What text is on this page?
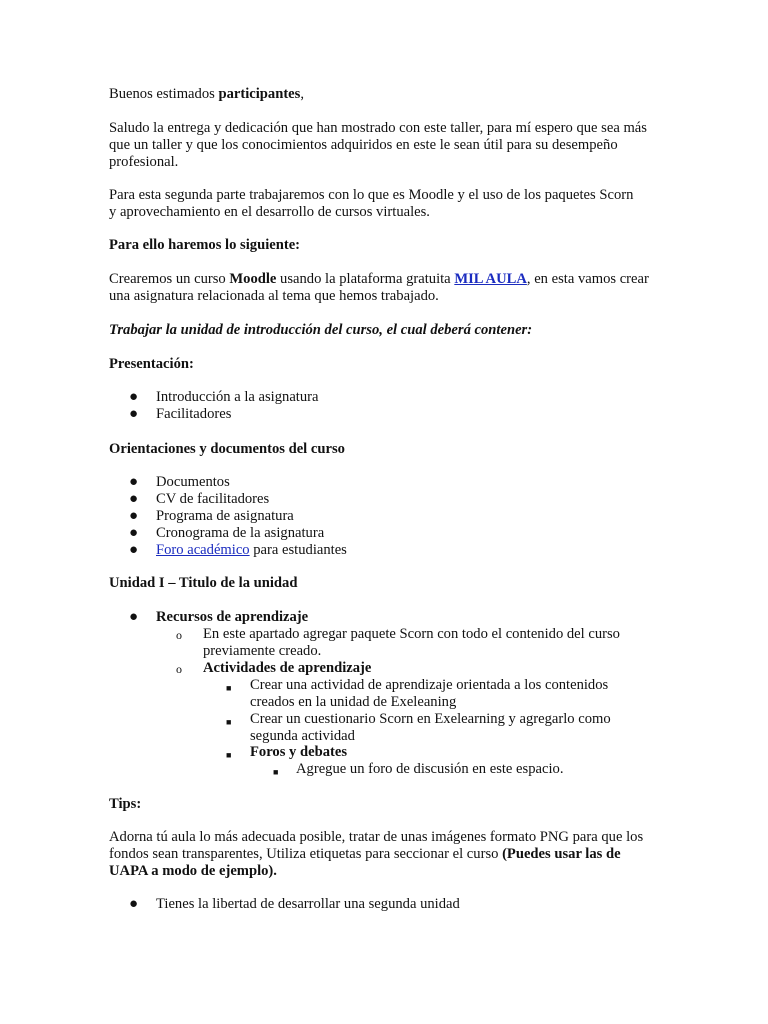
Buenos estimados participantes,

Saludo la entrega y dedicación que han mostrado con este taller, para mí espero que sea más que un taller y que los conocimientos adquiridos en este le sean útil para su desempeño profesional.

Para esta segunda parte trabajaremos con lo que es Moodle y el uso de los paquetes Scorn y aprovechamiento en el desarrollo de cursos virtuales.

Para ello haremos lo siguiente:

Crearemos un curso Moodle usando la plataforma gratuita MIL AULA, en esta vamos crear una asignatura relacionada al tema que hemos trabajado.

Trabajar la unidad de introducción del curso, el cual deberá contener:

Presentación:

● Introducción a la asignatura
● Facilitadores

Orientaciones y documentos del curso

● Documentos
● CV de facilitadores
● Programa de asignatura
● Cronograma de la asignatura
● Foro académico para estudiantes

Unidad I – Titulo de la unidad

● Recursos de aprendizaje
o En este apartado agregar paquete Scorn con todo el contenido del curso previamente creado.
o Actividades de aprendizaje
■ Crear una actividad de aprendizaje orientada a los contenidos creados en la unidad de Exeleaning
■ Crear un cuestionario Scorn en Exelearning y agregarlo como segunda actividad
■ Foros y debates
■ Agregue un foro de discusión en este espacio.

Tips:

Adorna tú aula lo más adecuada posible, tratar de unas imágenes formato PNG para que los fondos sean transparentes, Utiliza etiquetas para seccionar el curso (Puedes usar las de UAPA a modo de ejemplo).

● Tienes la libertad de desarrollar una segunda unidad
